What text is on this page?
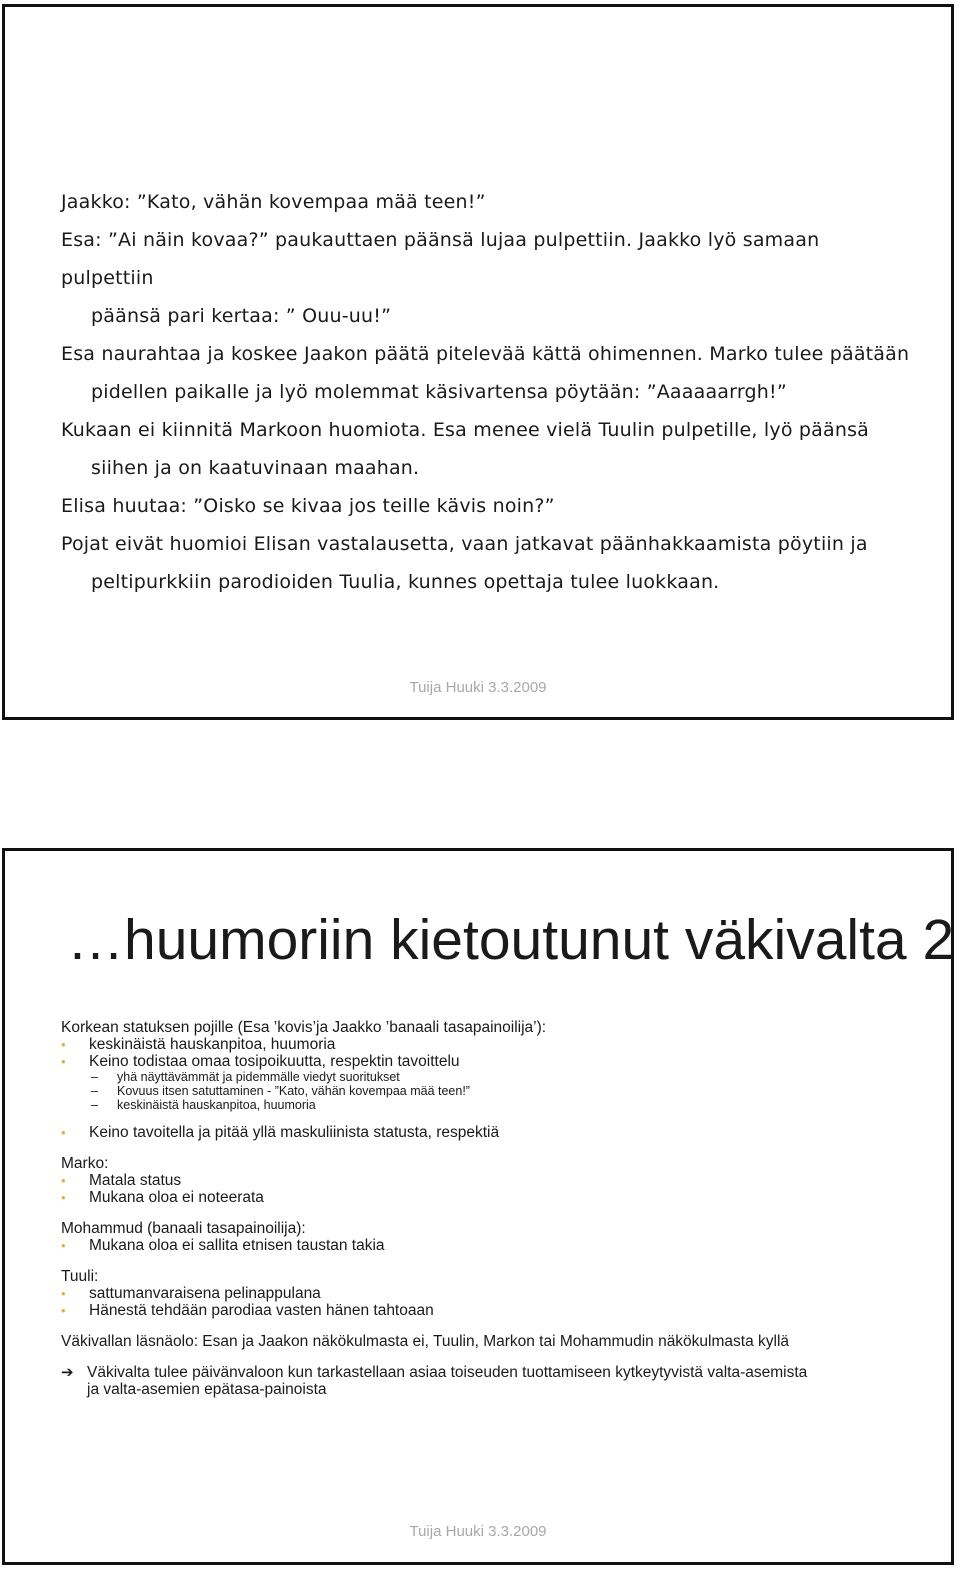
Jaakko: ”Kato, vähän kovempaa mää teen!”

Esa: ”Ai näin kovaa?” paukauttaen päänsä lujaa pulpettiin. Jaakko lyö samaan pulpettiin
päänsä pari kertaa: ” Ouu-uu!”

Esa naurahtaa ja koskee Jaakon päätä pitelevää kättä ohimennen. Marko tulee päätään
pidellen paikalle ja lyö molemmat käsivartensa pöytään: ”Aaaaaarrgh!”

Kukaan ei kiinnitä Markoon huomiota. Esa menee vielä Tuulin pulpetille, lyö päänsä
siihen ja on kaatuvinaan maahan.

Elisa huutaa: ”Oisko se kivaa jos teille kävis noin?”

Pojat eivät huomioi Elisan vastalausetta, vaan jatkavat päänhakkaamista pöytiin ja
peltipurkkiin parodioiden Tuulia, kunnes opettaja tulee luokkaan.

Tuija Huuki 3.3.2009
…huumoriin kietoutunut väkivalta 2

Korkean statuksen pojille (Esa ’kovis’ja Jaakko ’banaali tasapainoilija’):

• keskinäistä hauskanpitoa, huumoria
• Keino todistaa omaa tosipoikuutta, respektin tavoittelu
– yhä näyttävämmät ja pidemmälle viedyt suoritukset
– Kovuus itsen satuttaminen - ”Kato, vähän kovempaa mää teen!”
– keskinäistä hauskanpitoa, huumoria
• Keino tavoitella ja pitää yllä maskuliinista statusta, respektiä

Marko:

• Matala status
• Mukana oloa ei noteerata

Mohammud (banaali tasapainoilija):

• Mukana oloa ei sallita etnisen taustan takia

Tuuli:

• sattumanvaraisena pelinappulana
• Hänestä tehdään parodiaa vasten hänen tahtoaan

Väkivallan läsnäolo: Esan ja Jaakon näkökulmasta ei, Tuulin, Markon tai Mohammudin näkökulmasta kyllä

➔ Väkivalta tulee päivänvaloon kun tarkastellaan asiaa toiseuden tuottamiseen kytkeytyvistä valta-asemista
ja valta-asemien epätasa-painoista
Tuija Huuki 3.3.2009
